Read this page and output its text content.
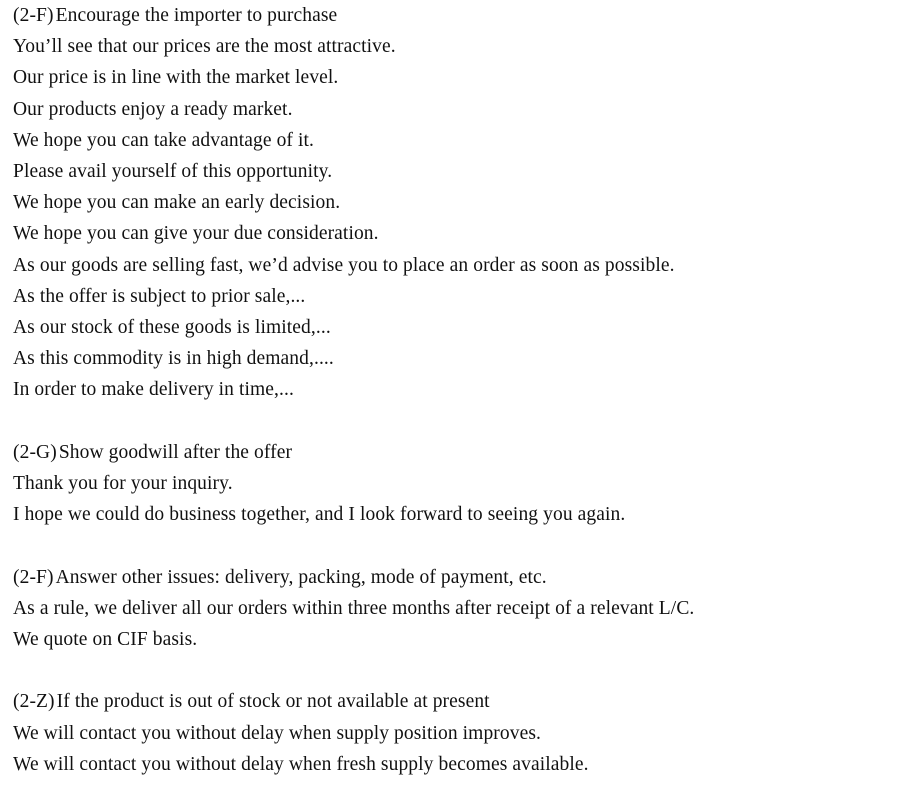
(2-F) Encourage the importer to purchase
You’ll see that our prices are the most attractive.
Our price is in line with the market level.
Our products enjoy a ready market.
We hope you can take advantage of it.
Please avail yourself of this opportunity.
We hope you can make an early decision.
We hope you can give your due consideration.
As our goods are selling fast, we’d advise you to place an order as soon as possible.
As the offer is subject to prior sale,...
As our stock of these goods is limited,...
As this commodity is in high demand,....
In order to make delivery in time,...
(2-G) Show goodwill after the offer
Thank you for your inquiry.
I hope we could do business together, and I look forward to seeing you again.
(2-F) Answer other issues: delivery, packing, mode of payment, etc.
As a rule, we deliver all our orders within three months after receipt of a relevant L/C.
We quote on CIF basis.
(2-Z) If the product is out of stock or not available at present
We will contact you without delay when supply position improves.
We will contact you without delay when fresh supply becomes available.
